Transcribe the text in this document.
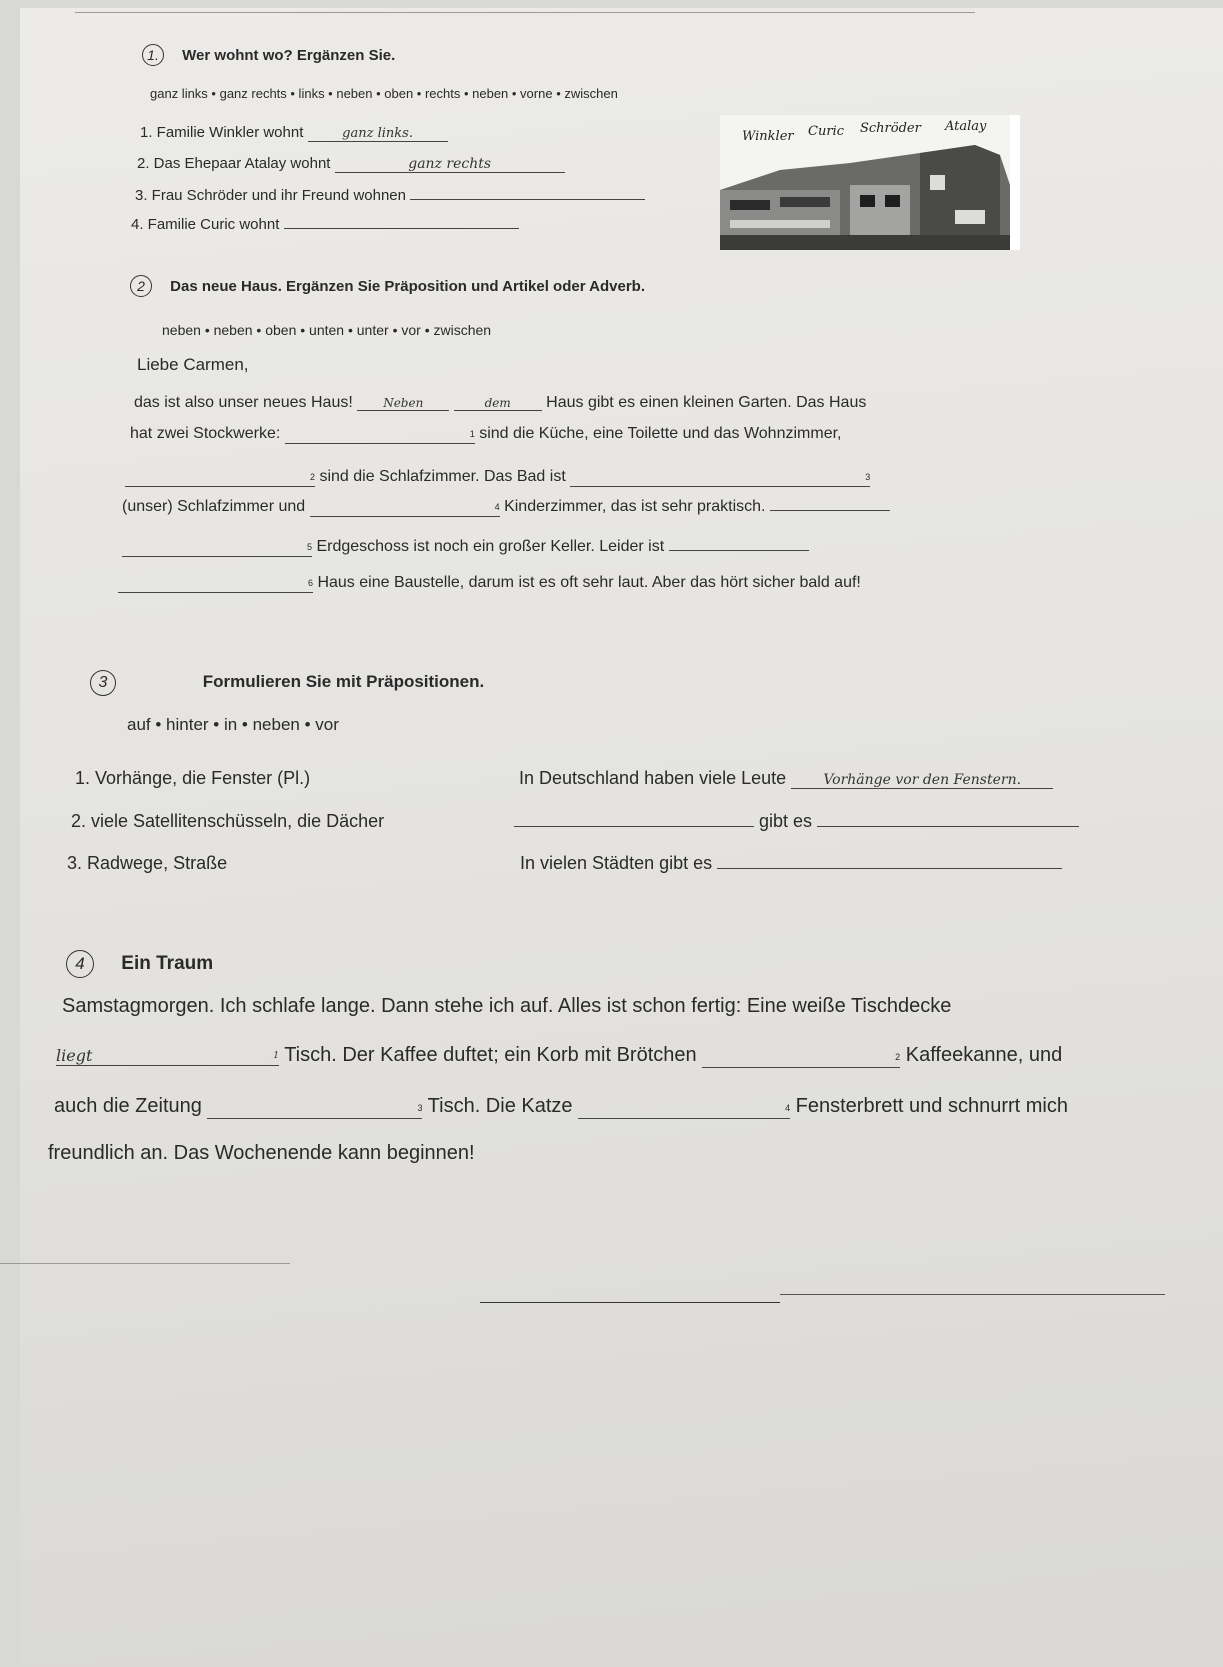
1. Wer wohnt wo? Ergänzen Sie.
ganz links • ganz rechts • links • neben • oben • rechts • neben • vorne • zwischen
1. Familie Winkler wohnt	ganz links.
2. Das Ehepaar Atalay wohnt	ganz rechts
3. Frau Schröder und ihr Freund wohnen
4. Familie Curic wohnt
Winkler Curic Schröder Atalay
2 Das neue Haus. Ergänzen Sie Präposition und Artikel oder Adverb.
neben • neben • oben • unten • unter • vor • zwischen
Liebe Carmen,
das ist also unser neues Haus!	Neben	dem Haus gibt es einen kleinen Garten. Das Haus
hat zwei Stockwerke:	1 sind die Küche, eine Toilette und das Wohnzimmer,
2 sind die Schlafzimmer. Das Bad ist	3
(unser) Schlafzimmer und	4 Kinderzimmer, das ist sehr praktisch.
5 Erdgeschoss ist noch ein großer Keller. Leider ist
6 Haus eine Baustelle, darum ist es oft sehr laut. Aber das hört sicher bald auf!
3	Formulieren Sie mit Präpositionen.
auf • hinter • in • neben • vor
1. Vorhänge, die Fenster (Pl.)	In Deutschland haben viele Leute	Vorhänge vor den Fenstern.
2. viele Satellitenschüsseln, die Dächer	gibt es
3. Radwege, Straße	In vielen Städten gibt es
4 Ein Traum
Samstagmorgen. Ich schlafe lange. Dann stehe ich auf. Alles ist schon fertig: Eine weiße Tischdecke
liegt	1 Tisch. Der Kaffee duftet; ein Korb mit Brötchen	2 Kaffeekanne, und
auch die Zeitung	3 Tisch. Die Katze	4 Fensterbrett und schnurrt mich
freundlich an. Das Wochenende kann beginnen!
